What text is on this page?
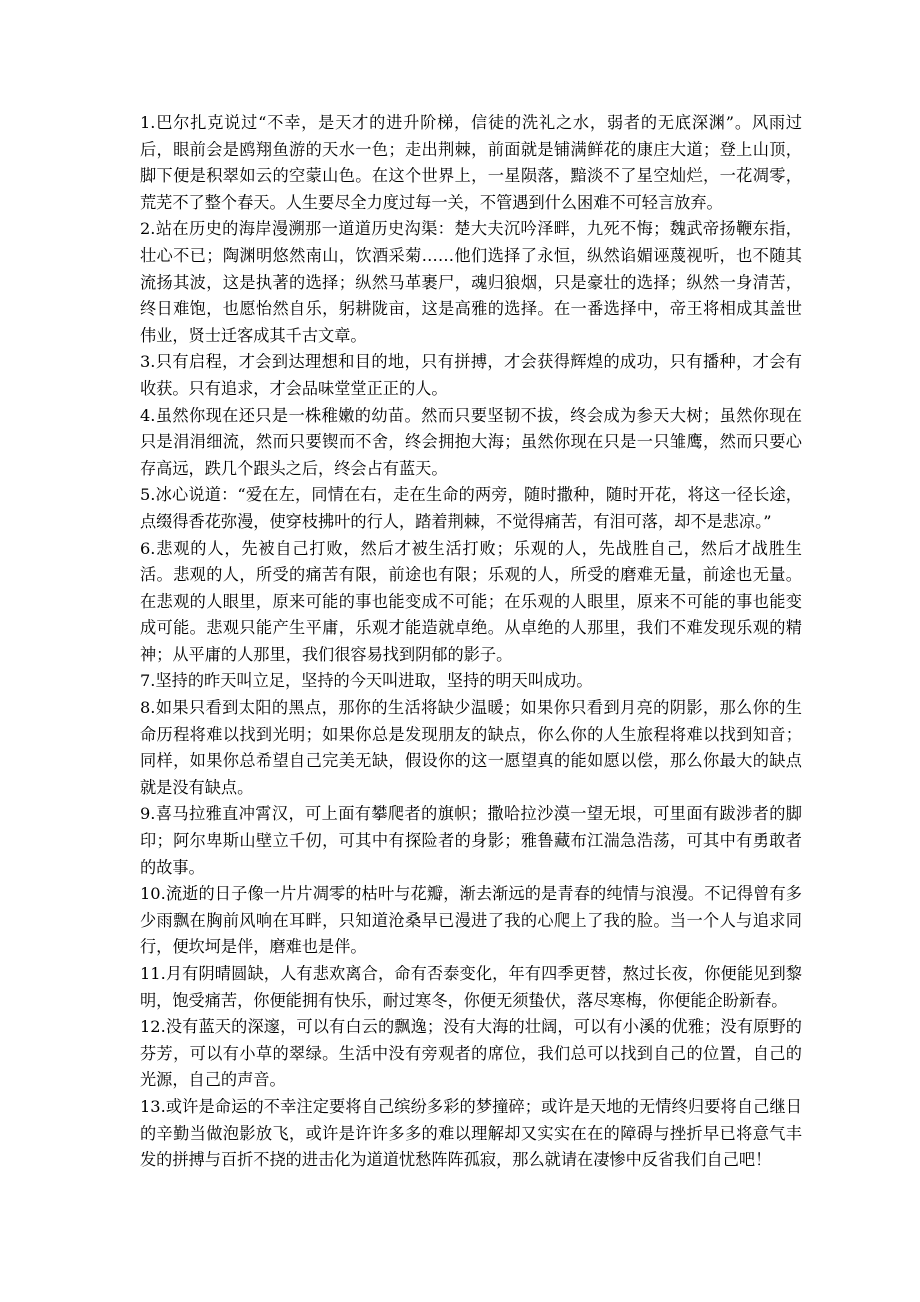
1.巴尔扎克说过“不幸，是天才的进升阶梯，信徒的洗礼之水，弱者的无底深渊”。风雨过后，眼前会是鸥翔鱼游的天水一色；走出荆棘，前面就是铺满鲜花的康庄大道；登上山顶，脚下便是积翠如云的空蒙山色。在这个世界上，一星陨落，黯淡不了星空灿烂，一花凋零，荒芜不了整个春天。人生要尽全力度过每一关，不管遇到什么困难不可轻言放弃。

2.站在历史的海岸漫溯那一道道历史沟渠：楚大夫沉吟泽畔，九死不悔；魏武帝扬鞭东指，壮心不已；陶渊明悠然南山，饮酒采菊……他们选择了永恒，纵然谄媚诬蔑视听，也不随其流扬其波，这是执著的选择；纵然马革裹尸，魂归狼烟，只是豪壮的选择；纵然一身清苦，终日难饱，也愿怡然自乐，躬耕陇亩，这是高雅的选择。在一番选择中，帝王将相成其盖世伟业，贤士迁客成其千古文章。

3.只有启程，才会到达理想和目的地，只有拼搏，才会获得辉煌的成功，只有播种，才会有收获。只有追求，才会品味堂堂正正的人。

4.虽然你现在还只是一株稚嫩的幼苗。然而只要坚韧不拔，终会成为参天大树；虽然你现在只是涓涓细流，然而只要锲而不舍，终会拥抱大海；虽然你现在只是一只雏鹰，然而只要心存高远，跌几个跟头之后，终会占有蓝天。

5.冰心说道：“爱在左，同情在右，走在生命的两旁，随时撒种，随时开花，将这一径长途，点缀得香花弥漫，使穿枝拂叶的行人，踏着荆棘，不觉得痛苦，有泪可落，却不是悲凉。”

6.悲观的人，先被自己打败，然后才被生活打败；乐观的人，先战胜自己，然后才战胜生活。悲观的人，所受的痛苦有限，前途也有限；乐观的人，所受的磨难无量，前途也无量。在悲观的人眼里，原来可能的事也能变成不可能；在乐观的人眼里，原来不可能的事也能变成可能。悲观只能产生平庸，乐观才能造就卓绝。从卓绝的人那里，我们不难发现乐观的精神；从平庸的人那里，我们很容易找到阴郁的影子。

7.坚持的昨天叫立足，坚持的今天叫进取，坚持的明天叫成功。

8.如果只看到太阳的黑点，那你的生活将缺少温暖；如果你只看到月亮的阴影，那么你的生命历程将难以找到光明；如果你总是发现朋友的缺点，你么你的人生旅程将难以找到知音；同样，如果你总希望自己完美无缺，假设你的这一愿望真的能如愿以偿，那么你最大的缺点就是没有缺点。

9.喜马拉雅直冲霄汉，可上面有攀爬者的旗帜；撒哈拉沙漠一望无垠，可里面有跋涉者的脚印；阿尔卑斯山壁立千仞，可其中有探险者的身影；雅鲁藏布江湍急浩荡，可其中有勇敢者的故事。

10.流逝的日子像一片片凋零的枯叶与花瓣，渐去渐远的是青春的纯情与浪漫。不记得曾有多少雨飘在胸前风响在耳畔，只知道沧桑早已漫进了我的心爬上了我的脸。当一个人与追求同行，便坎坷是伴，磨难也是伴。

11.月有阴晴圆缺，人有悲欢离合，命有否泰变化，年有四季更替，熬过长夜，你便能见到黎明，饱受痛苦，你便能拥有快乐，耐过寒冬，你便无须蛰伏，落尽寒梅，你便能企盼新春。

12.没有蓝天的深邃，可以有白云的飘逸；没有大海的壮阔，可以有小溪的优雅；没有原野的芬芳，可以有小草的翠绿。生活中没有旁观者的席位，我们总可以找到自己的位置，自己的光源，自己的声音。

13.或许是命运的不幸注定要将自己缤纷多彩的梦撞碎；或许是天地的无情终归要将自己继日的辛勤当做泡影放飞，或许是许许多多的难以理解却又实实在在的障碍与挫折早已将意气丰发的拼搏与百折不挠的进击化为道道忧愁阵阵孤寂，那么就请在凄惨中反省我们自己吧！
